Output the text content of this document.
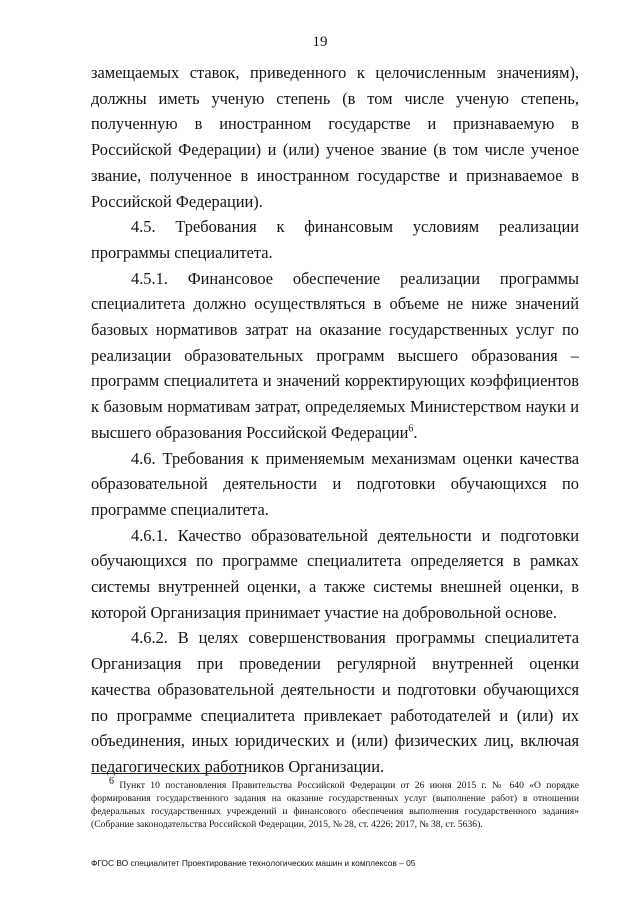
19

замещаемых ставок, приведенного к целочисленным значениям), должны иметь ученую степень (в том числе ученую степень, полученную в иностранном государстве и признаваемую в Российской Федерации) и (или) ученое звание (в том числе ученое звание, полученное в иностранном государстве и признаваемое в Российской Федерации).

4.5. Требования к финансовым условиям реализации программы специалитета.

4.5.1. Финансовое обеспечение реализации программы специалитета должно осуществляться в объеме не ниже значений базовых нормативов затрат на оказание государственных услуг по реализации образовательных программ высшего образования – программ специалитета и значений корректирующих коэффициентов к базовым нормативам затрат, определяемых Министерством науки и высшего образования Российской Федерации$^6$.

4.6. Требования к применяемым механизмам оценки качества образовательной деятельности и подготовки обучающихся по программе специалитета.

4.6.1. Качество образовательной деятельности и подготовки обучающихся по программе специалитета определяется в рамках системы внутренней оценки, а также системы внешней оценки, в которой Организация принимает участие на добровольной основе.

4.6.2. В целях совершенствования программы специалитета Организация при проведении регулярной внутренней оценки качества образовательной деятельности и подготовки обучающихся по программе специалитета привлекает работодателей и (или) их объединения, иных юридических и (или) физических лиц, включая педагогических работников Организации.

$^6$ Пункт 10 постановления Правительства Российской Федерации от 26 июня 2015 г. № 640 «О порядке формирования государственного задания на оказание государственных услуг (выполнение работ) в отношении федеральных государственных учреждений и финансового обеспечения выполнения государственного задания» (Собрание законодательства Российской Федерации, 2015, № 28, ст. 4226; 2017, № 38, ст. 5636).

ФГОС ВО специалитет Проектирование технологических машин и комплексов – 05
